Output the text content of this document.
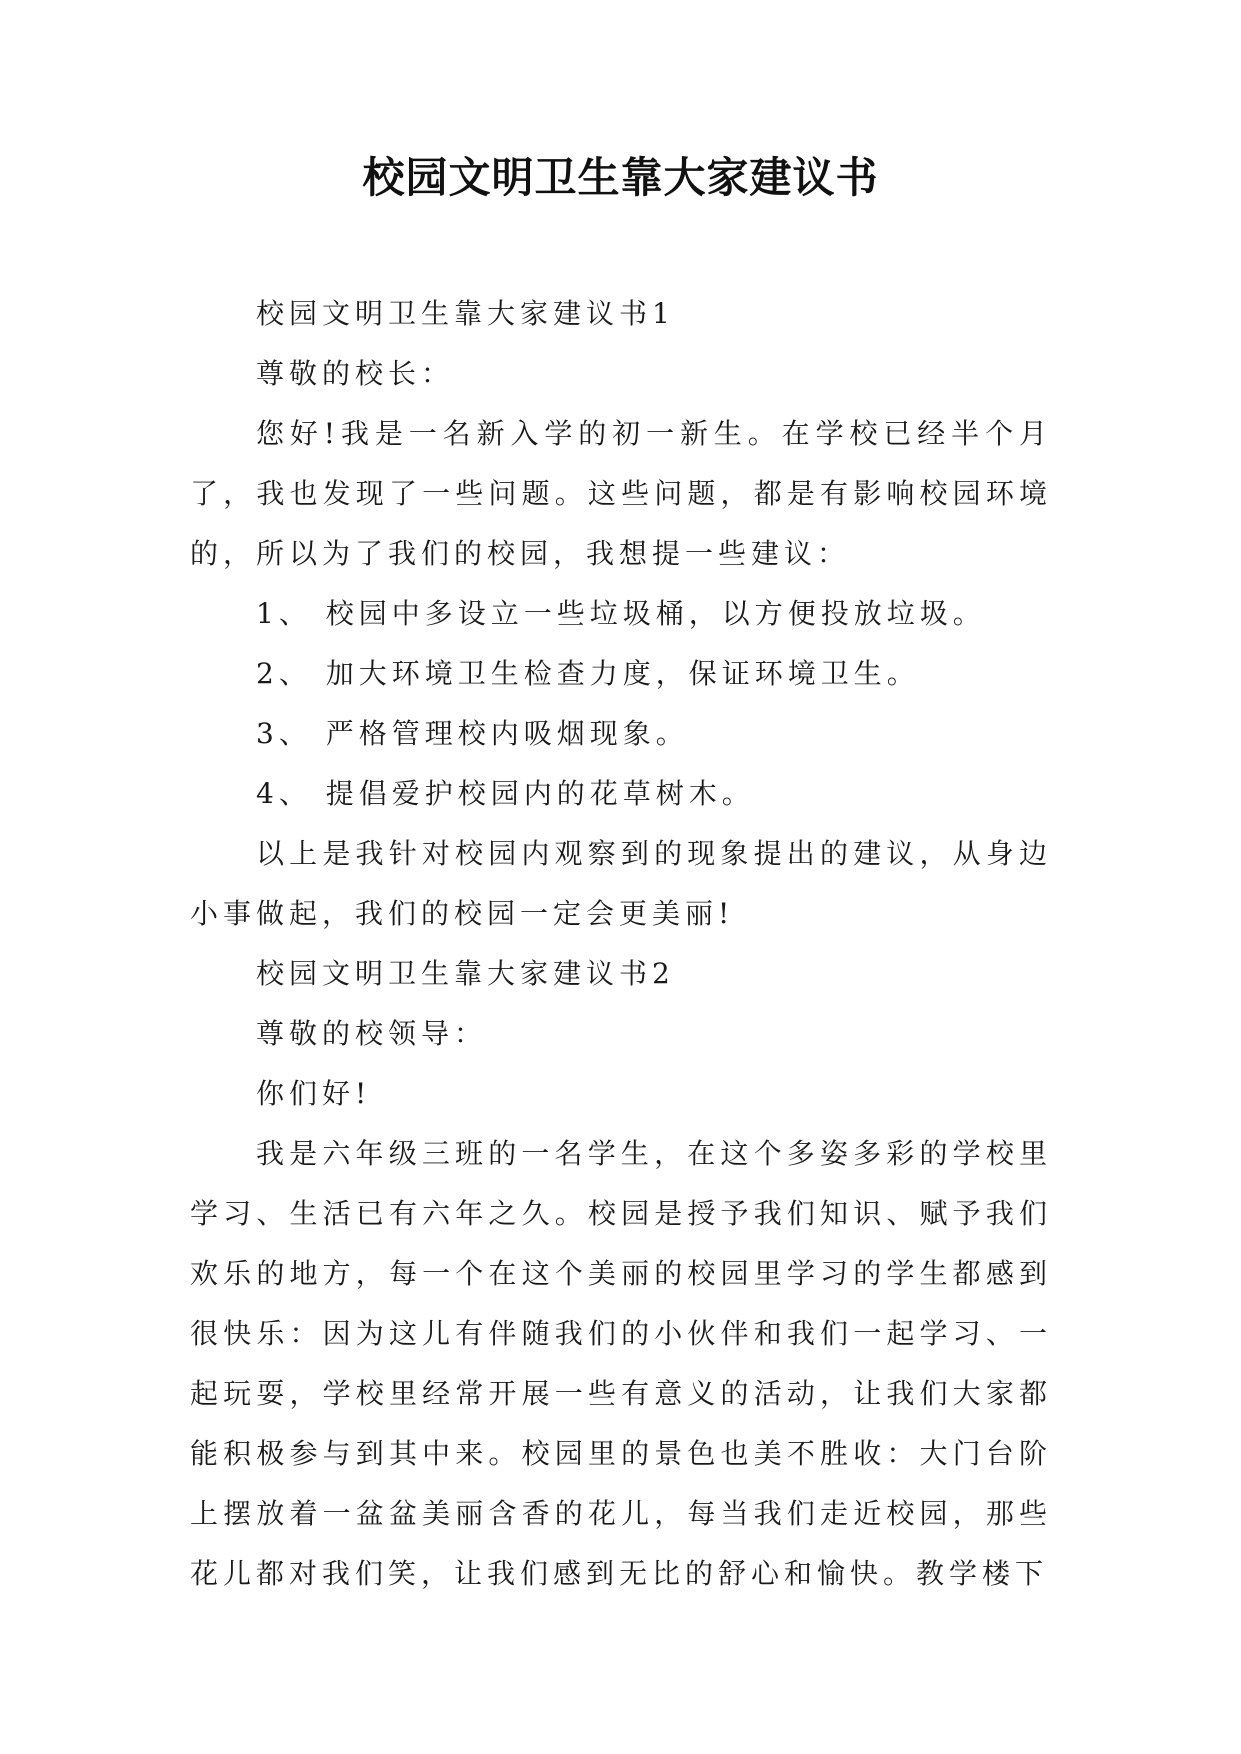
校园文明卫生靠大家建议书

校园文明卫生靠大家建议书1

尊敬的校长：

您好!我是一名新入学的初一新生。在学校已经半个月了，我也发现了一些问题。这些问题，都是有影响校园环境的，所以为了我们的校园，我想提一些建议：

1、 校园中多设立一些垃圾桶，以方便投放垃圾。

2、 加大环境卫生检查力度，保证环境卫生。

3、 严格管理校内吸烟现象。

4、 提倡爱护校园内的花草树木。

以上是我针对校园内观察到的现象提出的建议，从身边小事做起，我们的校园一定会更美丽!

校园文明卫生靠大家建议书2

尊敬的校领导：

你们好!

我是六年级三班的一名学生，在这个多姿多彩的学校里学习、生活已有六年之久。校园是授予我们知识、赋予我们欢乐的地方，每一个在这个美丽的校园里学习的学生都感到很快乐：因为这儿有伴随我们的小伙伴和我们一起学习、一起玩耍，学校里经常开展一些有意义的活动，让我们大家都能积极参与到其中来。校园里的景色也美不胜收：大门台阶上摆放着一盆盆美丽含香的花儿，每当我们走近校园，那些花儿都对我们笑，让我们感到无比的舒心和愉快。教学楼下
